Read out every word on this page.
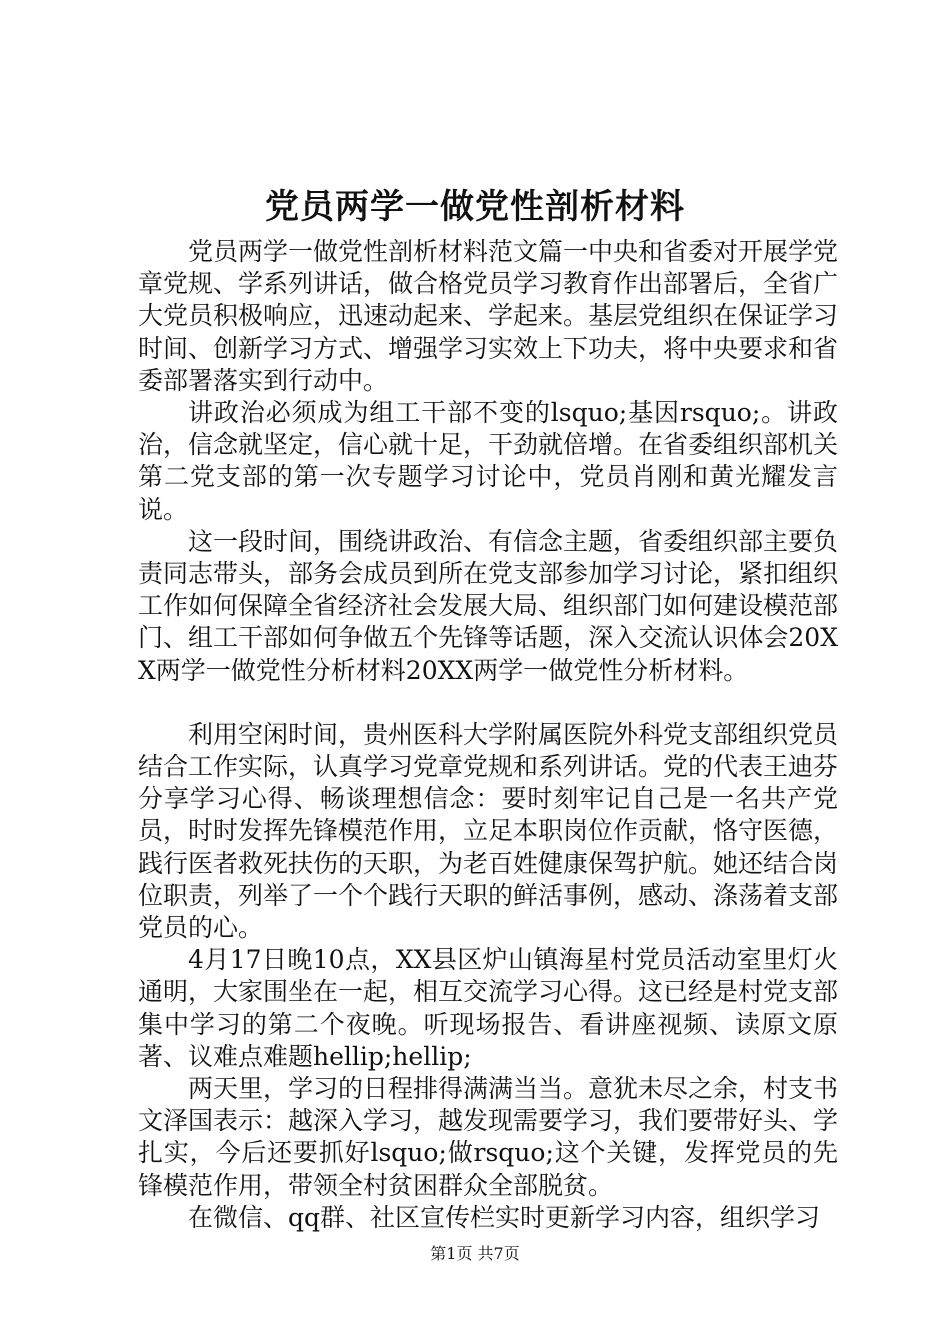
党员两学一做党性剖析材料

党员两学一做党性剖析材料范文篇一中央和省委对开展学党章党规、学系列讲话，做合格党员学习教育作出部署后，全省广大党员积极响应，迅速动起来、学起来。基层党组织在保证学习时间、创新学习方式、增强学习实效上下功夫，将中央要求和省委部署落实到行动中。

讲政治必须成为组工干部不变的lsquo;基因rsquo;。讲政治，信念就坚定，信心就十足，干劲就倍增。在省委组织部机关第二党支部的第一次专题学习讨论中，党员肖刚和黄光耀发言说。

这一段时间，围绕讲政治、有信念主题，省委组织部主要负责同志带头，部务会成员到所在党支部参加学习讨论，紧扣组织工作如何保障全省经济社会发展大局、组织部门如何建设模范部门、组工干部如何争做五个先锋等话题，深入交流认识体会20XX两学一做党性分析材料20XX两学一做党性分析材料。

利用空闲时间，贵州医科大学附属医院外科党支部组织党员结合工作实际，认真学习党章党规和系列讲话。党的代表王迪芬分享学习心得、畅谈理想信念：要时刻牢记自己是一名共产党员，时时发挥先锋模范作用，立足本职岗位作贡献，恪守医德，践行医者救死扶伤的天职，为老百姓健康保驾护航。她还结合岗位职责，列举了一个个践行天职的鲜活事例，感动、涤荡着支部党员的心。

4月17日晚10点，XX县区炉山镇海星村党员活动室里灯火通明，大家围坐在一起，相互交流学习心得。这已经是村党支部集中学习的第二个夜晚。听现场报告、看讲座视频、读原文原著、议难点难题hellip;hellip;

两天里，学习的日程排得满满当当。意犹未尽之余，村支书文泽国表示：越深入学习，越发现需要学习，我们要带好头、学扎实，今后还要抓好lsquo;做rsquo;这个关键，发挥党员的先锋模范作用，带领全村贫困群众全部脱贫。

在微信、qq群、社区宣传栏实时更新学习内容，组织学习

第1页 共7页
